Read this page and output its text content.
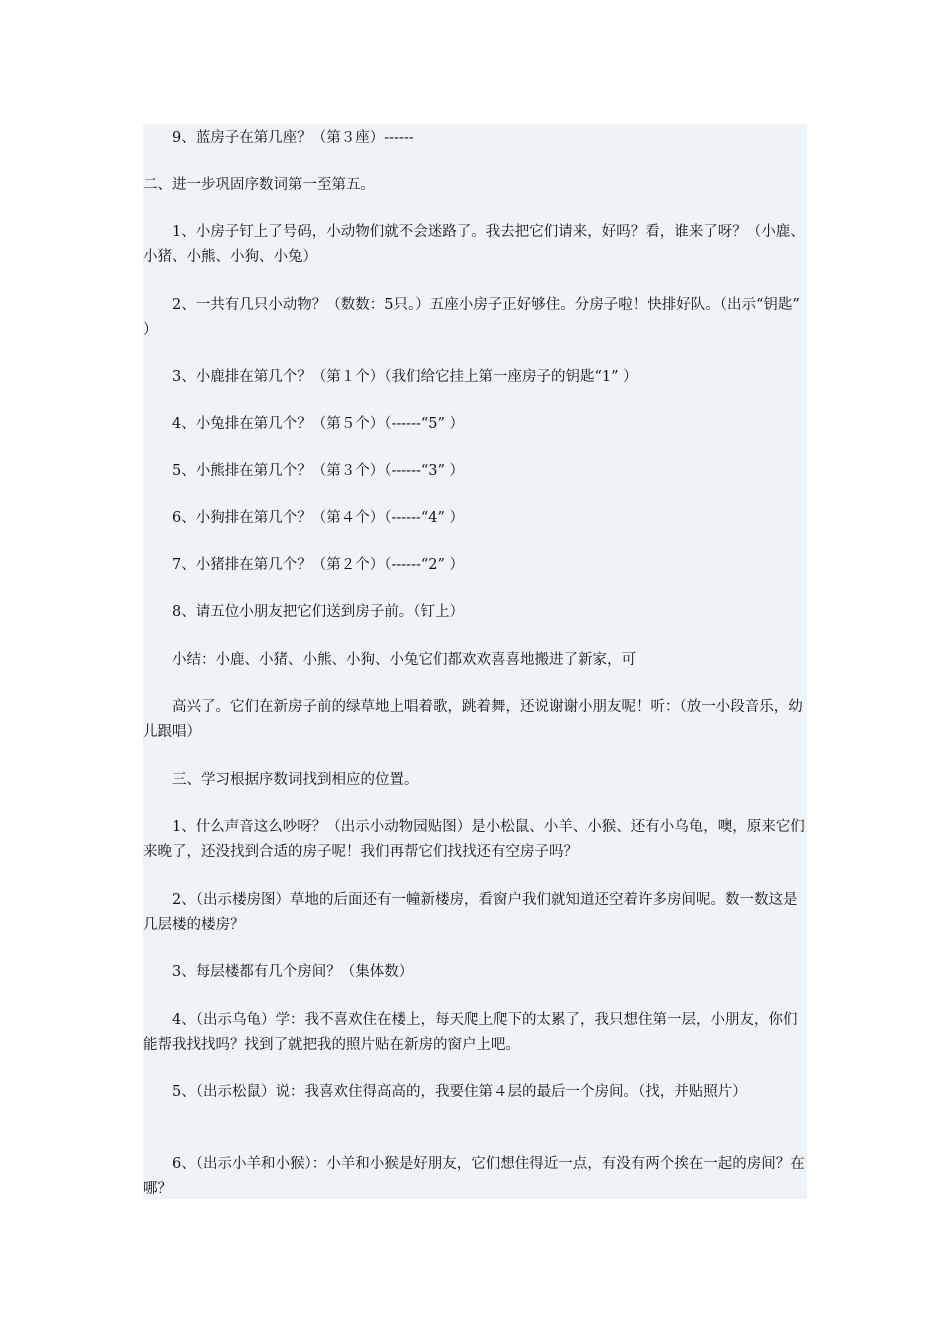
9、蓝房子在第几座？（第３座）------

二、进一步巩固序数词第一至第五。

1、小房子钉上了号码，小动物们就不会迷路了。我去把它们请来，好吗？看，谁来了呀？（小鹿、小猪、小熊、小狗、小兔）

2、一共有几只小动物？（数数：5只。）五座小房子正好够住。分房子啦！快排好队。（出示“钥匙” ）

3、小鹿排在第几个？（第１个）（我们给它挂上第一座房子的钥匙“1” ）

4、小兔排在第几个？（第５个）（------“5” ）

5、小熊排在第几个？（第３个）（------“3” ）

6、小狗排在第几个？（第４个）（------“4” ）

7、小猪排在第几个？（第２个）（------“2” ）

8、请五位小朋友把它们送到房子前。（钉上）

小结：小鹿、小猪、小熊、小狗、小兔它们都欢欢喜喜地搬进了新家，可

高兴了。它们在新房子前的绿草地上唱着歌，跳着舞，还说谢谢小朋友呢！听：（放一小段音乐，幼儿跟唱）

三、学习根据序数词找到相应的位置。

1、什么声音这么吵呀？（出示小动物园贴图）是小松鼠、小羊、小猴、还有小乌龟，噢，原来它们来晚了，还没找到合适的房子呢！我们再帮它们找找还有空房子吗？

2、（出示楼房图）草地的后面还有一幢新楼房，看窗户我们就知道还空着许多房间呢。数一数这是几层楼的楼房？

3、每层楼都有几个房间？（集体数）

4、（出示乌龟）学：我不喜欢住在楼上，每天爬上爬下的太累了，我只想住第一层，小朋友，你们能帮我找找吗？找到了就把我的照片贴在新房的窗户上吧。

5、（出示松鼠）说：我喜欢住得高高的，我要住第４层的最后一个房间。（找，并贴照片）

6、（出示小羊和小猴）：小羊和小猴是好朋友，它们想住得近一点，有没有两个挨在一起的房间？在哪？
